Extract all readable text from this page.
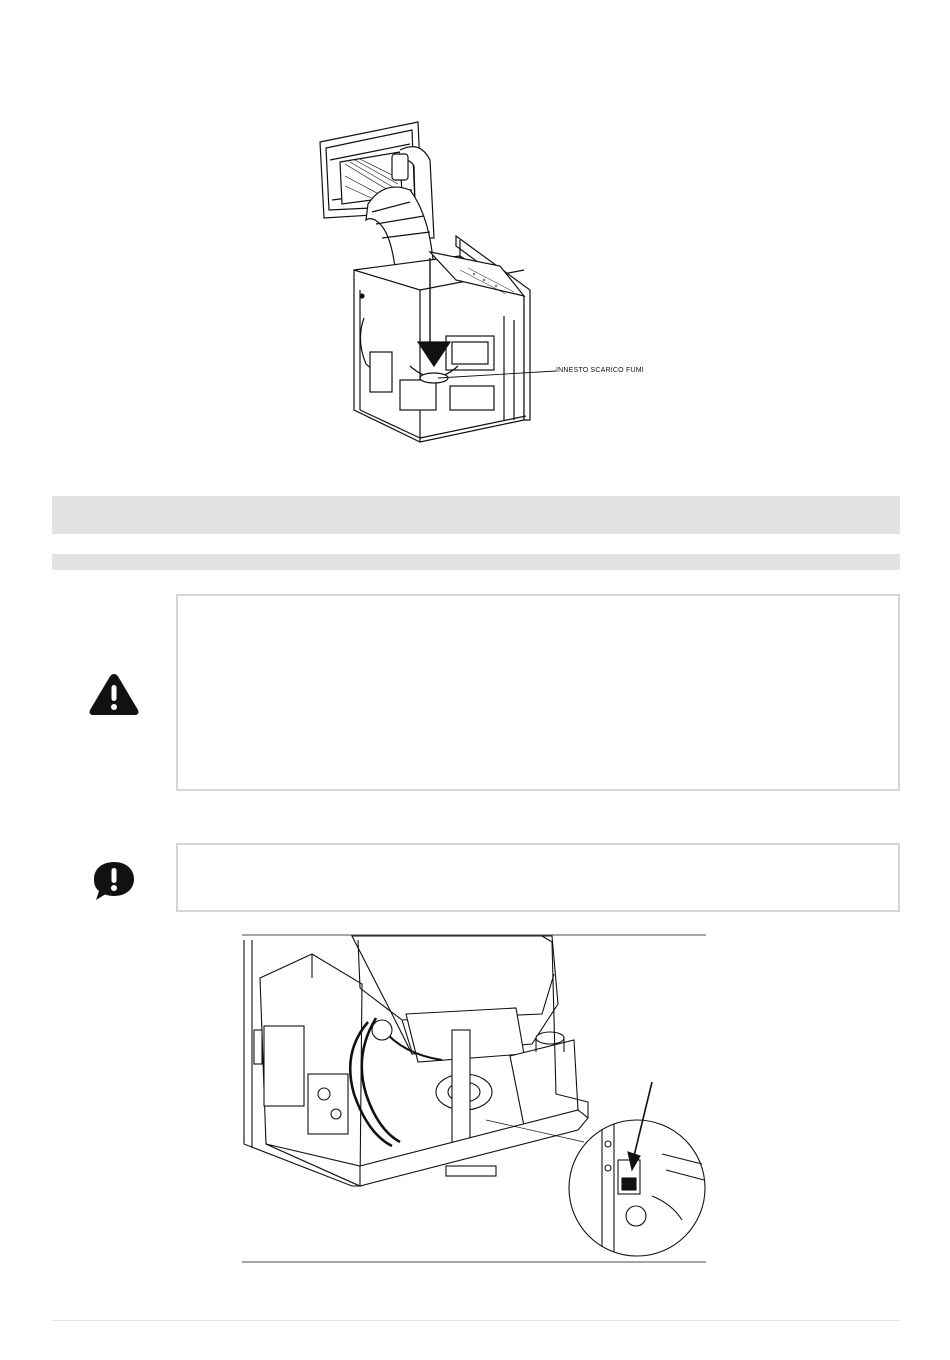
INNESTO SCARICO FUMI
